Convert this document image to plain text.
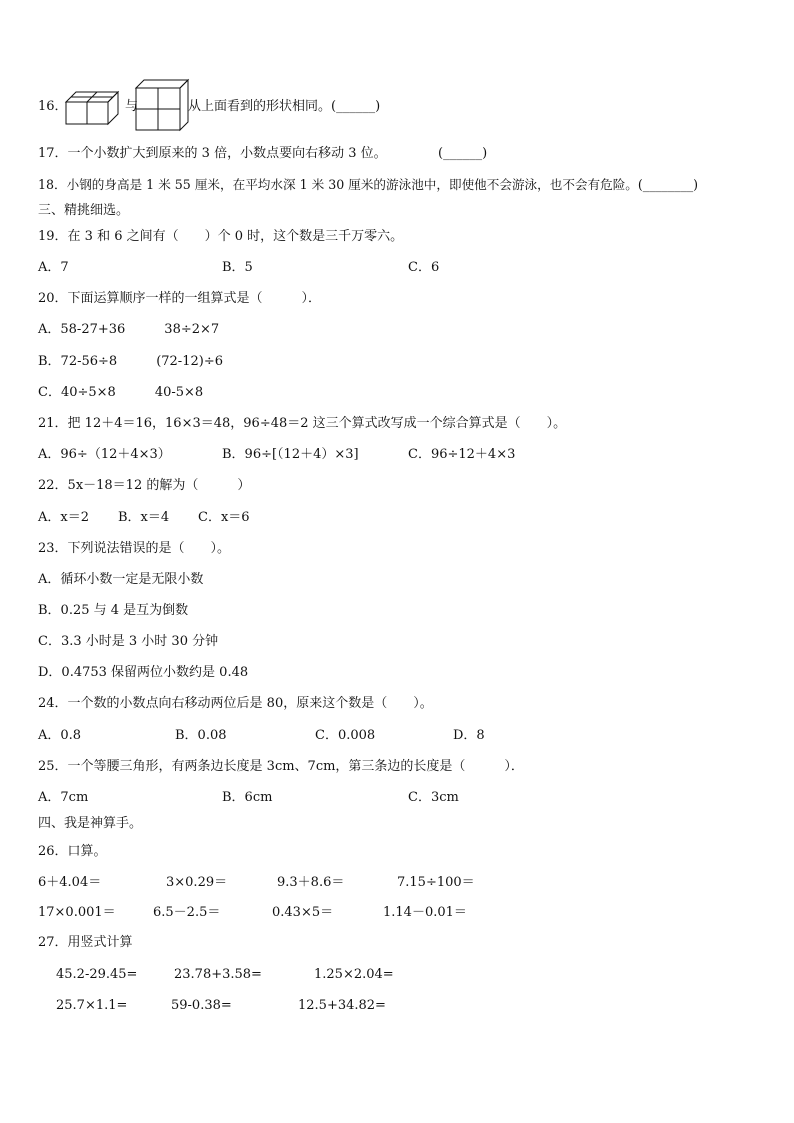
16．	与	从上面看到的形状相同。(______)
17．一个小数扩大到原来的 3 倍，小数点要向右移动 3 位。	(______)
18．小钢的身高是 1 米 55 厘米，在平均水深 1 米 30 厘米的游泳池中，即使他不会游泳，也不会有危险。(________)
三、精挑细选。
19．在 3 和 6 之间有（　　）个 0 时，这个数是三千万零六。
A．7	B．5	C．6
20．下面运算顺序一样的一组算式是（　　　）．
A．58-27+36　　　38÷2×7
B．72-56÷8　　　(72-12)÷6
C．40÷5×8　　　40-5×8
21．把 12＋4＝16，16×3＝48，96÷48＝2 这三个算式改写成一个综合算式是（　　）。
A．96÷（12＋4×3）	B．96÷[（12＋4）×3]	C．96÷12＋4×3
22．5x－18＝12 的解为（　　　）
A．x＝2 B．x＝4 C．x＝6
23．下列说法错误的是（　　）。
A．循环小数一定是无限小数
B．0.25 与 4 是互为倒数
C．3.3 小时是 3 小时 30 分钟
D．0.4753 保留两位小数约是 0.48
24．一个数的小数点向右移动两位后是 80，原来这个数是（　　）。
A．0.8	B．0.08	C．0.008	D．8
25．一个等腰三角形，有两条边长度是 3cm、7cm，第三条边的长度是（　　　）．
A．7cm	B．6cm	C．3cm
四、我是神算手。
26．口算。
6＋4.04＝	3×0.29＝	9.3＋8.6＝	7.15÷100＝
17×0.001＝	6.5－2.5＝	0.43×5＝	1.14－0.01＝
27．用竖式计算
45.2-29.45=	23.78+3.58=	1.25×2.04=
25.7×1.1=	59-0.38=	12.5+34.82=
